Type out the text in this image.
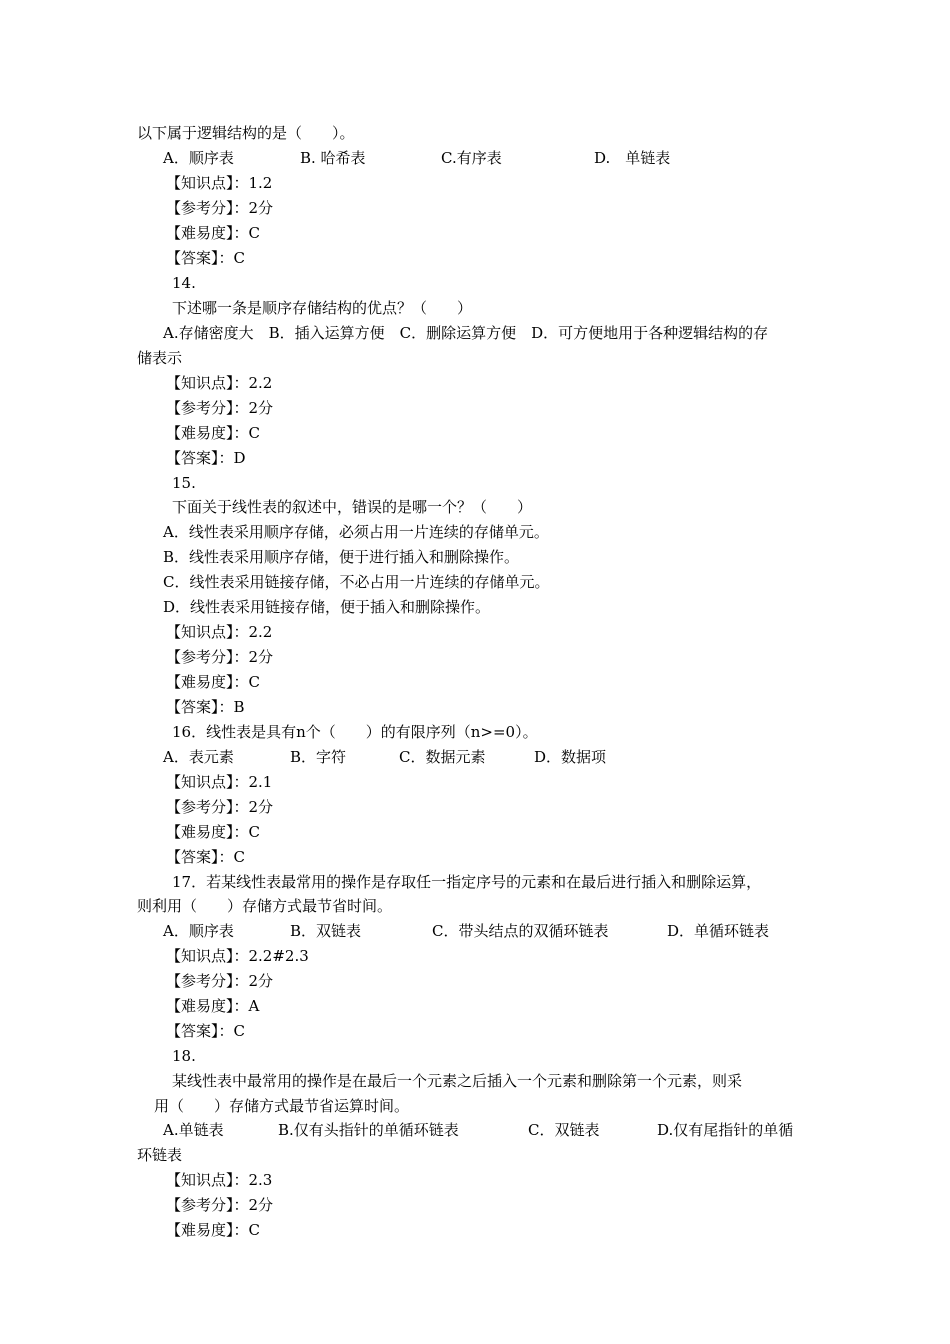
以下属于逻辑结构的是（　　）。

A．顺序表	B. 哈希表	C.有序表	D.　单链表

【知识点】：1.2

【参考分】：2分

【难易度】：C

【答案】：C

14.

下述哪一条是顺序存储结构的优点？（　　）

A.存储密度大　B．插入运算方便　C．删除运算方便　D．可方便地用于各种逻辑结构的存

储表示

【知识点】：2.2

【参考分】：2分

【难易度】：C

【答案】：D

15.

下面关于线性表的叙述中，错误的是哪一个？（　　）

A．线性表采用顺序存储，必须占用一片连续的存储单元。

B．线性表采用顺序存储，便于进行插入和删除操作。

C．线性表采用链接存储，不必占用一片连续的存储单元。

D．线性表采用链接存储，便于插入和删除操作。

【知识点】：2.2

【参考分】：2分

【难易度】：C

【答案】：B

16．线性表是具有n个（　　）的有限序列（n>=0）。

A．表元素	B．字符	C．数据元素	D．数据项

【知识点】：2.1

【参考分】：2分

【难易度】：C

【答案】：C

17．若某线性表最常用的操作是存取任一指定序号的元素和在最后进行插入和删除运算，

则利用（　　）存储方式最节省时间。

A．顺序表	B．双链表	C．带头结点的双循环链表	D．单循环链表

【知识点】：2.2#2.3

【参考分】：2分

【难易度】：A

【答案】：C

18.

某线性表中最常用的操作是在最后一个元素之后插入一个元素和删除第一个元素，则采

用（　　）存储方式最节省运算时间。

A.单链表	B.仅有头指针的单循环链表	C．双链表	D.仅有尾指针的单循

环链表

【知识点】：2.3

【参考分】：2分

【难易度】：C
